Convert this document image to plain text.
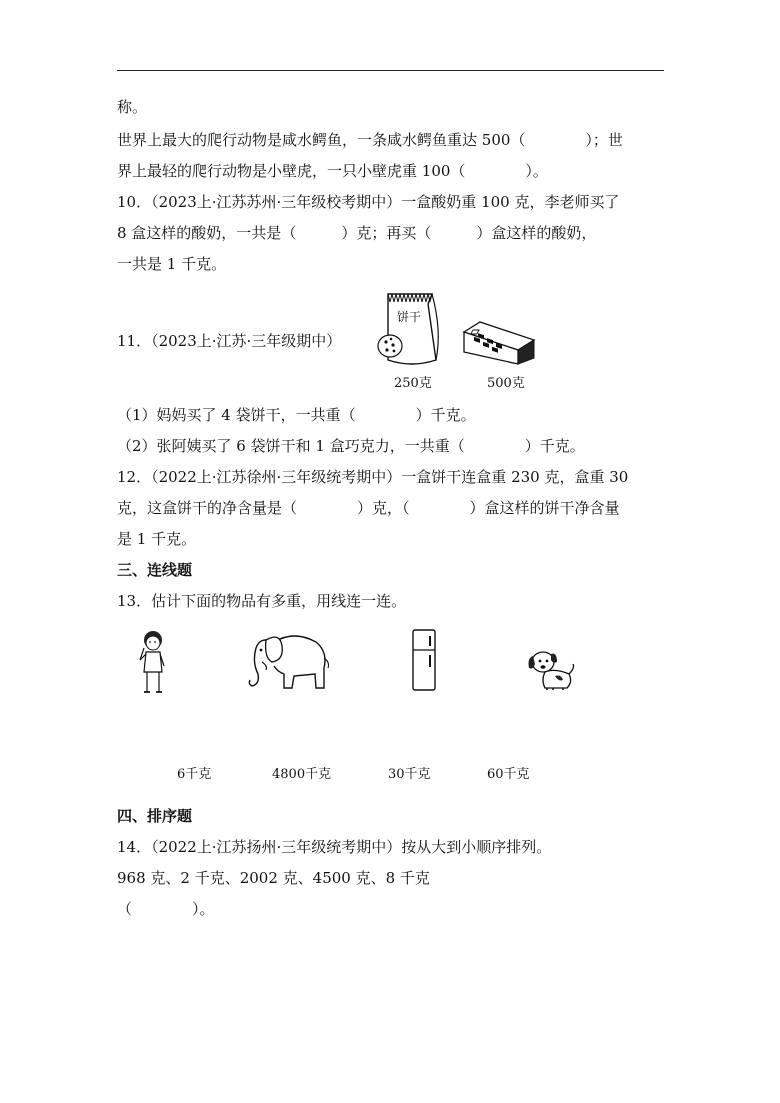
称。
世界上最大的爬行动物是咸水鳄鱼，一条咸水鳄鱼重达 500（　　　　）；世
界上最轻的爬行动物是小壁虎，一只小壁虎重 100（　　　　）。
10．（2023上·江苏苏州·三年级校考期中）一盒酸奶重 100 克，李老师买了
8 盒这样的酸奶，一共是（　　　）克；再买（　　　）盒这样的酸奶，
一共是 1 千克。
11．（2023上·江苏·三年级期中）
饼干
250克	500克
（1）妈妈买了 4 袋饼干，一共重（　　　　）千克。
（2）张阿姨买了 6 袋饼干和 1 盒巧克力，一共重（　　　　）千克。
12．（2022上·江苏徐州·三年级统考期中）一盒饼干连盒重 230 克，盒重 30
克，这盒饼干的净含量是（　　　　）克，（　　　　）盒这样的饼干净含量
是 1 千克。
三、连线题
13．估计下面的物品有多重，用线连一连。
6千克	4800千克	30千克	60千克
四、排序题
14．（2022上·江苏扬州·三年级统考期中）按从大到小顺序排列。
968 克、2 千克、2002 克、4500 克、8 千克
（　　　　）。
